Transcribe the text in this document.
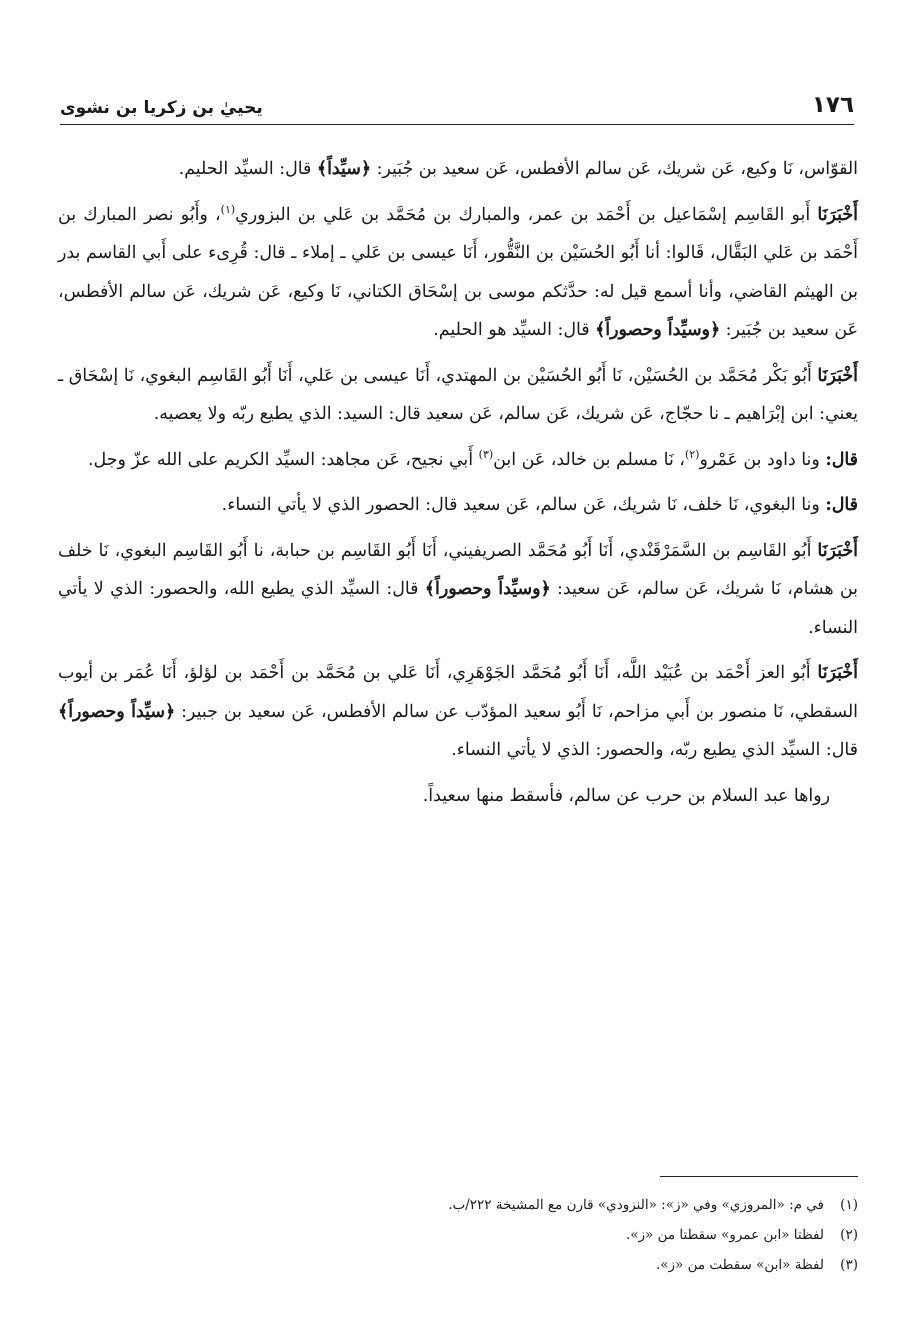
١٧٦
يحييٰ بن زكريا بن نشوى

القوّاس، نَا وكيع، عَن شريك، عَن سالم الأفطس، عَن سعيد بن جُبَير: ﴿سيِّداً﴾ قال: السيِّد الحليم.

أَخْبَرَنَا أَبو القَاسِم إسْمَاعيل بن أَحْمَد بن عمر، والمبارك بن مُحَمَّد بن عَلي بن البزوري$^{(١)}$، وأَبُو نصر المبارك بن أَحْمَد بن عَلي البَقَّال، قَالوا: أنا أَبُو الحُسَيْن بن النَّقُّور، أَنَا عيسى بن عَلي ـ إملاء ـ قال: قُرِىء على أَبي القاسم بدر بن الهيثم القاضي، وأنا أسمع قيل له: حدَّثكم موسى بن إسْحَاق الكتاني، نَا وكيع، عَن شريك، عَن سالم الأفطس، عَن سعيد بن جُبَير: ﴿وسيِّداً وحصوراً﴾ قال: السيِّد هو الحليم.

أَخْبَرَنَا أَبُو بَكْر مُحَمَّد بن الحُسَيْن، نَا أَبُو الحُسَيْن بن المهتدي، أَنَا عيسى بن عَلي، أَنَا أَبُو القَاسِم البغوي، نَا إسْحَاق ـ يعني: ابن إبْرَاهيم ـ نا حجّاج، عَن شريك، عَن سالم، عَن سعيد قال: السيد: الذي يطيع ربّه ولا يعصيه.

قال: ونا داود بن عَمْرو$^{(٢)}$، نَا مسلم بن خالد، عَن ابن$^{(٣)}$ أَبي نجيح، عَن مجاهد: السيِّد الكريم على الله عزّ وجل.

قال: ونا البغوي، نَا خلف، نَا شريك، عَن سالم، عَن سعيد قال: الحصور الذي لا يأتي النساء.

أَخْبَرَنَا أَبُو القَاسِم بن السَّمَرْقَنْدي، أَنَا أَبُو مُحَمَّد الصريفيني، أَنَا أَبُو القَاسِم بن حبابة، نا أَبُو القَاسِم البغوي، نَا خلف بن هشام، نَا شريك، عَن سالم، عَن سعيد: ﴿وسيِّداً وحصوراً﴾ قال: السيِّد الذي يطيع الله، والحصور: الذي لا يأتي النساء.

أَخْبَرَنَا أَبُو العز أَحْمَد بن عُبَيْد اللَّه، أَنَا أَبُو مُحَمَّد الجَوْهَرِي، أَنَا عَلي بن مُحَمَّد بن أَحْمَد بن لؤلؤ، أَنَا عُمَر بن أيوب السقطي، نَا منصور بن أَبي مزاحم، نَا أَبُو سعيد المؤدّب عن سالم الأفطس، عَن سعيد بن جبير: ﴿سيِّداً وحصوراً﴾ قال: السيِّد الذي يطيع ربّه، والحصور: الذي لا يأتي النساء.

رواها عبد السلام بن حرب عن سالم، فأسقط منها سعيداً.

(١)في م: «المروزي» وفي «ز»: «النزودي» قارن مع المشيخة ٢٢٢/ب.

(٢)لفظتا «ابن عمرو» سقطتا من «ز».

(٣)لفظة «ابن» سقطت من «ز».
